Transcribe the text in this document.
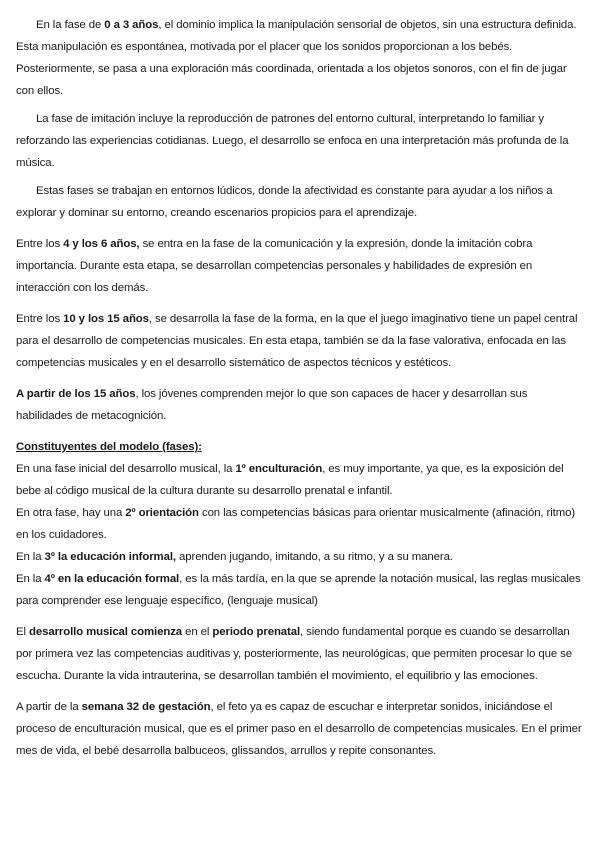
En la fase de 0 a 3 años, el dominio implica la manipulación sensorial de objetos, sin una estructura definida. Esta manipulación es espontánea, motivada por el placer que los sonidos proporcionan a los bebés. Posteriormente, se pasa a una exploración más coordinada, orientada a los objetos sonoros, con el fin de jugar con ellos.

La fase de imitación incluye la reproducción de patrones del entorno cultural, interpretando lo familiar y reforzando las experiencias cotidianas. Luego, el desarrollo se enfoca en una interpretación más profunda de la música.

Estas fases se trabajan en entornos lúdicos, donde la afectividad es constante para ayudar a los niños a explorar y dominar su entorno, creando escenarios propicios para el aprendizaje.

Entre los 4 y los 6 años, se entra en la fase de la comunicación y la expresión, donde la imitación cobra importancia. Durante esta etapa, se desarrollan competencias personales y habilidades de expresión en interacción con los demás.

Entre los 10 y los 15 años, se desarrolla la fase de la forma, en la que el juego imaginativo tiene un papel central para el desarrollo de competencias musicales. En esta etapa, también se da la fase valorativa, enfocada en las competencias musicales y en el desarrollo sistemático de aspectos técnicos y estéticos.

A partir de los 15 años, los jóvenes comprenden mejor lo que son capaces de hacer y desarrollan sus habilidades de metacognición.

Constituyentes del modelo (fases):

En una fase inicial del desarrollo musical, la 1º enculturación, es muy importante, ya que, es la exposición del bebe al código musical de la cultura durante su desarrollo prenatal e infantil.

En otra fase, hay una 2º orientación con las competencias básicas para orientar musicalmente (afinación, ritmo) en los cuidadores.

En la 3º la educación informal, aprenden jugando, imitando, a su ritmo, y a su manera.

En la 4º en la educación formal, es la más tardía, en la que se aprende la notación musical, las reglas musicales para comprender ese lenguaje específico, (lenguaje musical)

El desarrollo musical comienza en el periodo prenatal, siendo fundamental porque es cuando se desarrollan por primera vez las competencias auditivas y, posteriormente, las neurológicas, que permiten procesar lo que se escucha. Durante la vida intrauterina, se desarrollan también el movimiento, el equilibrio y las emociones.

A partir de la semana 32 de gestación, el feto ya es capaz de escuchar e interpretar sonidos, iniciándose el proceso de enculturación musical, que es el primer paso en el desarrollo de competencias musicales. En el primer mes de vida, el bebé desarrolla balbuceos, glissandos, arrullos y repite consonantes.
